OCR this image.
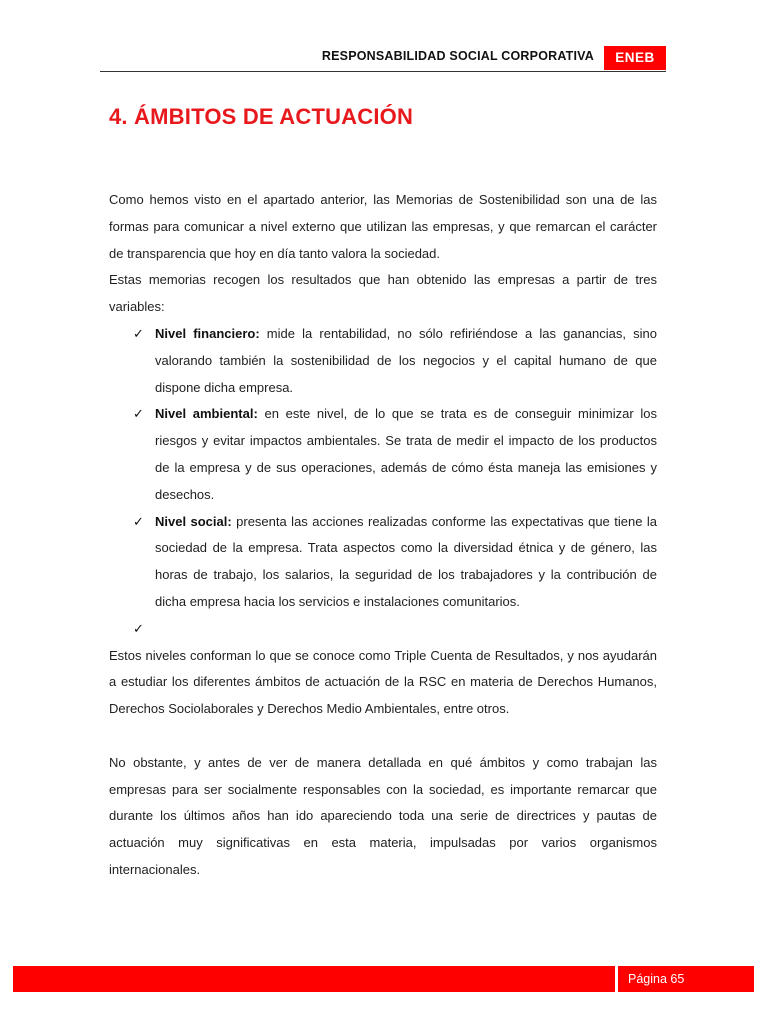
RESPONSABILIDAD SOCIAL CORPORATIVA	ENEB
4. ÁMBITOS DE ACTUACIÓN

Como hemos visto en el apartado anterior, las Memorias de Sostenibilidad son una de las formas para comunicar a nivel externo que utilizan las empresas, y que remarcan el carácter de transparencia que hoy en día tanto valora la sociedad.

Estas memorias recogen los resultados que han obtenido las empresas a partir de tres variables:

✓ Nivel financiero: mide la rentabilidad, no sólo refiriéndose a las ganancias, sino valorando también la sostenibilidad de los negocios y el capital humano de que dispone dicha empresa.
✓ Nivel ambiental: en este nivel, de lo que se trata es de conseguir minimizar los riesgos y evitar impactos ambientales. Se trata de medir el impacto de los productos de la empresa y de sus operaciones, además de cómo ésta maneja las emisiones y desechos.
✓ Nivel social: presenta las acciones realizadas conforme las expectativas que tiene la sociedad de la empresa. Trata aspectos como la diversidad étnica y de género, las horas de trabajo, los salarios, la seguridad de los trabajadores y la contribución de dicha empresa hacia los servicios e instalaciones comunitarios.
✓

Estos niveles conforman lo que se conoce como Triple Cuenta de Resultados, y nos ayudarán a estudiar los diferentes ámbitos de actuación de la RSC en materia de Derechos Humanos, Derechos Sociolaborales y Derechos Medio Ambientales, entre otros.

No obstante, y antes de ver de manera detallada en qué ámbitos y como trabajan las empresas para ser socialmente responsables con la sociedad, es importante remarcar que durante los últimos años han ido apareciendo toda una serie de directrices y pautas de actuación muy significativas en esta materia, impulsadas por varios organismos internacionales.

Página 65
